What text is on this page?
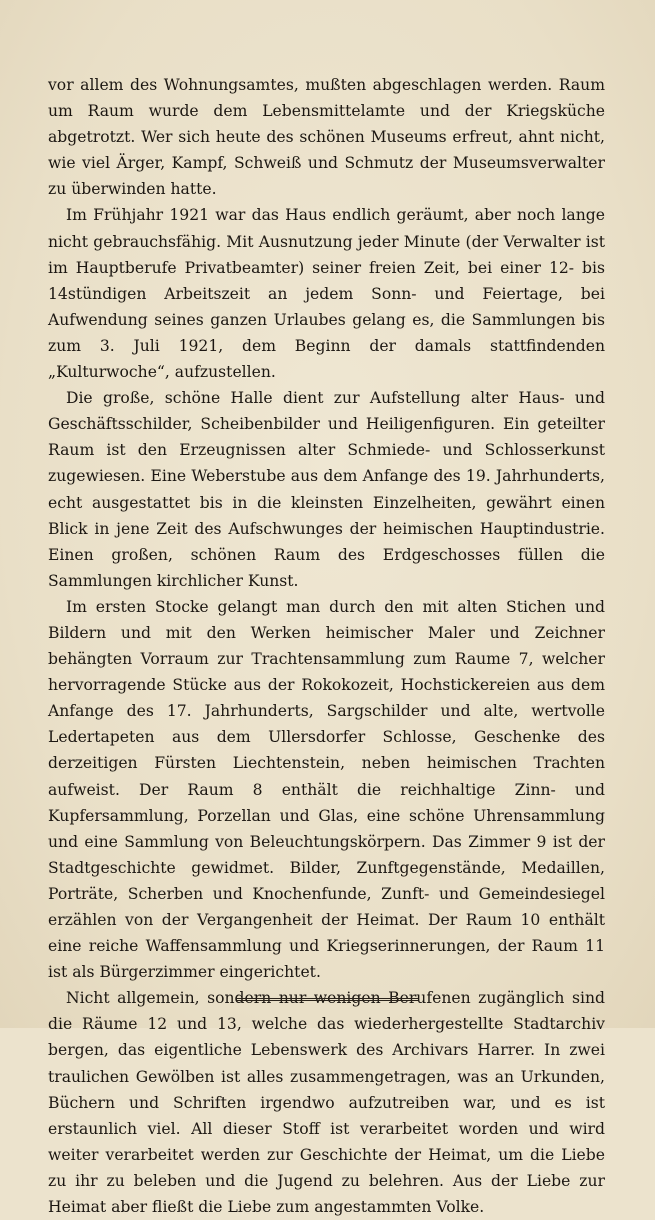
vor allem des Wohnungsamtes, mußten abgeschlagen werden. Raum um Raum wurde dem Lebensmittelamte und der Kriegsküche abgetrotzt. Wer sich heute des schönen Museums erfreut, ahnt nicht, wie viel Ärger, Kampf, Schweiß und Schmutz der Museumsverwalter zu überwinden hatte.

Im Frühjahr 1921 war das Haus endlich geräumt, aber noch lange nicht gebrauchsfähig. Mit Ausnutzung jeder Minute (der Verwalter ist im Hauptberufe Privatbeamter) seiner freien Zeit, bei einer 12- bis 14stündigen Arbeitszeit an jedem Sonn- und Feiertage, bei Aufwendung seines ganzen Urlaubes gelang es, die Sammlungen bis zum 3. Juli 1921, dem Beginn der damals stattfindenden „Kulturwoche“, aufzustellen.

Die große, schöne Halle dient zur Aufstellung alter Haus- und Geschäftsschilder, Scheibenbilder und Heiligenfiguren. Ein geteilter Raum ist den Erzeugnissen alter Schmiede- und Schlosserkunst zugewiesen. Eine Weberstube aus dem Anfange des 19. Jahrhunderts, echt ausgestattet bis in die kleinsten Einzelheiten, gewährt einen Blick in jene Zeit des Aufschwunges der heimischen Hauptindustrie. Einen großen, schönen Raum des Erdgeschosses füllen die Sammlungen kirchlicher Kunst.

Im ersten Stocke gelangt man durch den mit alten Stichen und Bildern und mit den Werken heimischer Maler und Zeichner behängten Vorraum zur Trachtensammlung zum Raume 7, welcher hervorragende Stücke aus der Rokokozeit, Hochstickereien aus dem Anfange des 17. Jahrhunderts, Sargschilder und alte, wertvolle Ledertapeten aus dem Ullersdorfer Schlosse, Geschenke des derzeitigen Fürsten Liechtenstein, neben heimischen Trachten aufweist. Der Raum 8 enthält die reichhaltige Zinn- und Kupfersammlung, Porzellan und Glas, eine schöne Uhrensammlung und eine Sammlung von Beleuchtungskörpern. Das Zimmer 9 ist der Stadtgeschichte gewidmet. Bilder, Zunftgegenstände, Medaillen, Porträte, Scherben und Knochenfunde, Zunft- und Gemeindesiegel erzählen von der Vergangenheit der Heimat. Der Raum 10 enthält eine reiche Waffensammlung und Kriegserinnerungen, der Raum 11 ist als Bürgerzimmer eingerichtet.

Nicht allgemein, sondern nur wenigen Berufenen zugänglich sind die Räume 12 und 13, welche das wiederhergestellte Stadtarchiv bergen, das eigentliche Lebenswerk des Archivars Harrer. In zwei traulichen Gewölben ist alles zusammengetragen, was an Urkunden, Büchern und Schriften irgendwo aufzutreiben war, und es ist erstaunlich viel. All dieser Stoff ist verarbeitet worden und wird weiter verarbeitet werden zur Geschichte der Heimat, um die Liebe zu ihr zu beleben und die Jugend zu belehren. Aus der Liebe zur Heimat aber fließt die Liebe zum angestammten Volke.
